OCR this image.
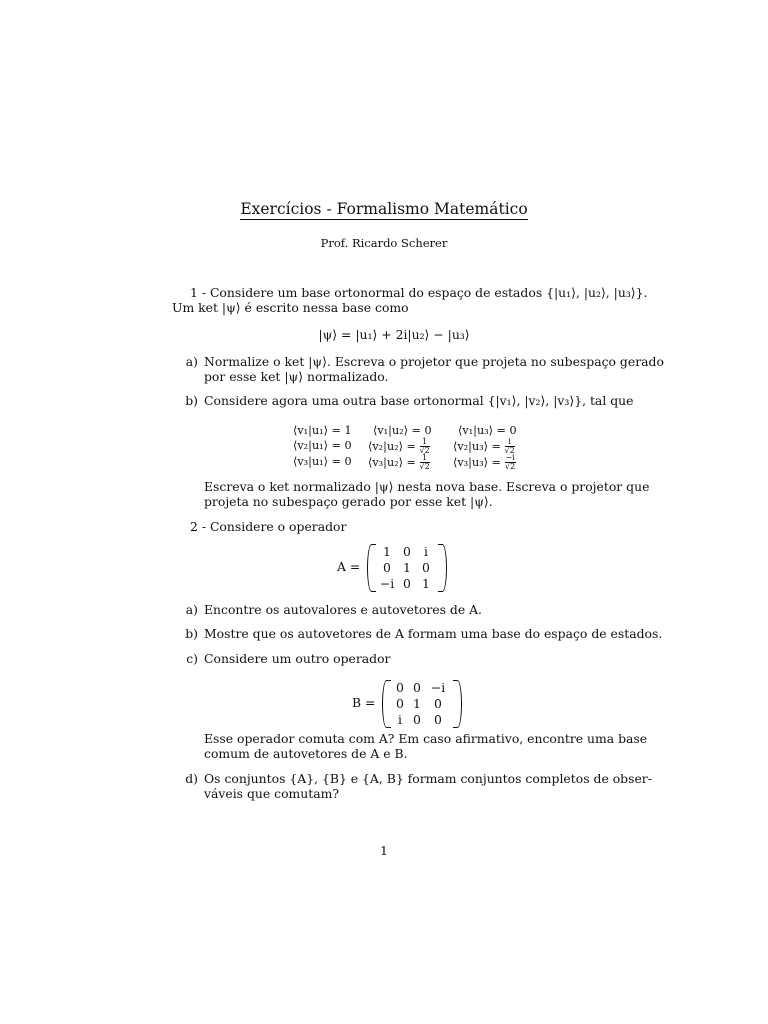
Exercícios - Formalismo Matemático
Prof. Ricardo Scherer
1 - Considere um base ortonormal do espaço de estados {|u₁⟩, |u₂⟩, |u₃⟩}.
Um ket |ψ⟩ é escrito nessa base como
|ψ⟩ = |u₁⟩ + 2i|u₂⟩ − |u₃⟩
a) Normalize o ket |ψ⟩. Escreva o projetor que projeta no subespaço gerado
por esse ket |ψ⟩ normalizado.
b) Considere agora uma outra base ortonormal {|v₁⟩, |v₂⟩, |v₃⟩}, tal que
⟨v₁|u₁⟩ = 1 ⟨v₁|u₂⟩ = 0 ⟨v₁|u₃⟩ = 0
⟨v₂|u₁⟩ = 0 ⟨v₂|u₂⟩ = $\frac{1}{√2}$ ⟨v₂|u₃⟩ = $\frac{i}{√2}$
⟨v₃|u₁⟩ = 0 ⟨v₃|u₂⟩ = $\frac{1}{√2}$ ⟨v₃|u₃⟩ = $\frac{-i}{√2}$
Escreva o ket normalizado |ψ⟩ nesta nova base. Escreva o projetor que
projeta no subespaço gerado por esse ket |ψ⟩.
2 - Considere o operador
A =
1 0	i
0 1 0
−i 0 1
a) Encontre os autovalores e autovetores de A.
b) Mostre que os autovetores de A formam uma base do espaço de estados.
c) Considere um outro operador
B =
0 0 −i
0 1	0
i 0	0
Esse operador comuta com A? Em caso afirmativo, encontre uma base
comum de autovetores de A e B.
d) Os conjuntos {A}, {B} e {A, B} formam conjuntos completos de obser-
váveis que comutam?
1
